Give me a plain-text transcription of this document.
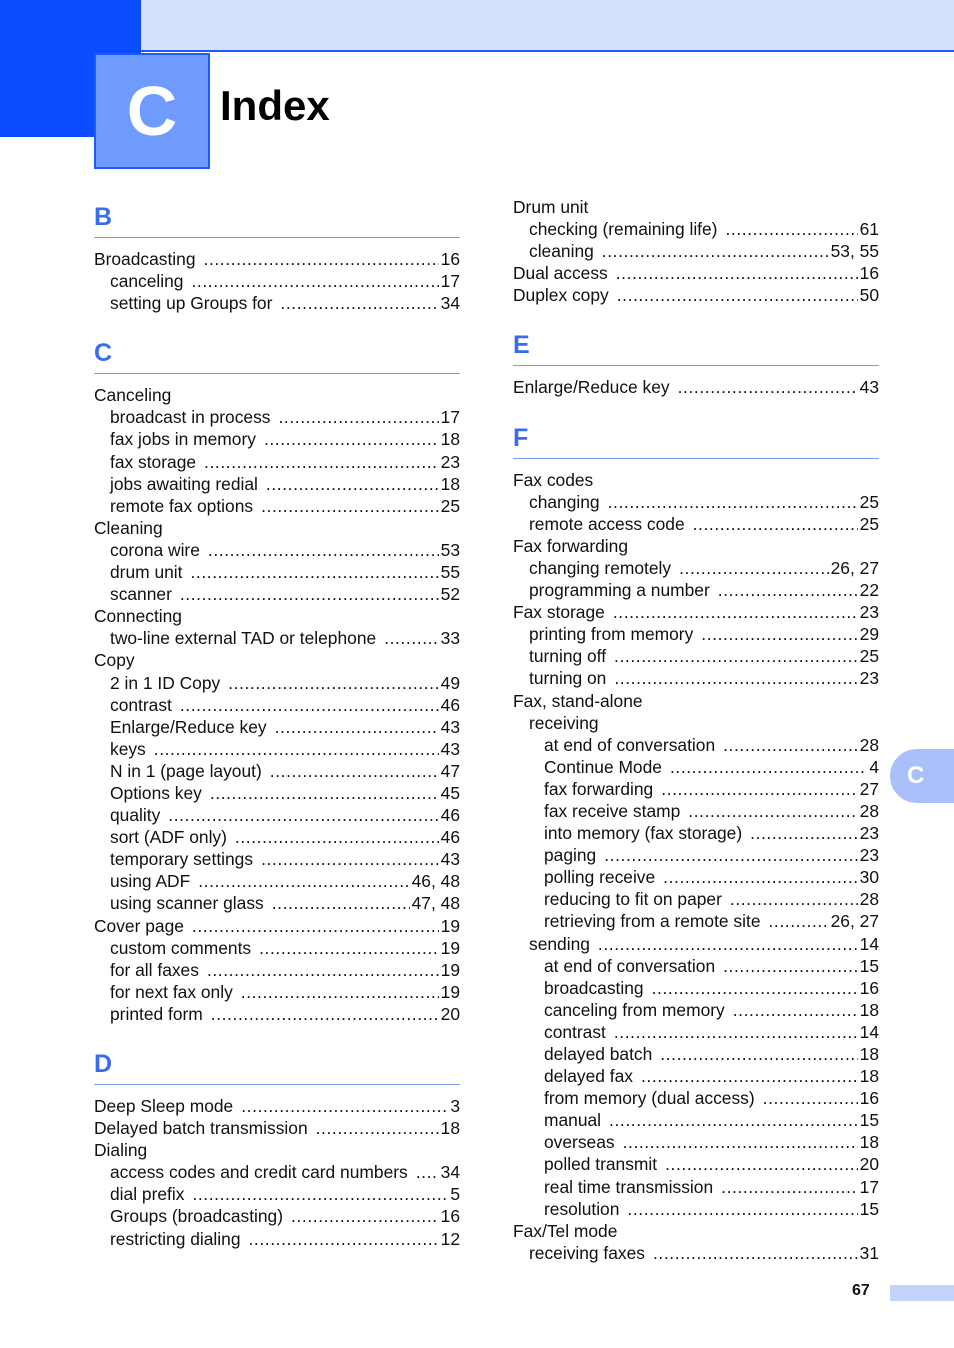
C	Index
B
Broadcasting .....	16
canceling .....	17
setting up Groups for .....	34
C
Canceling
broadcast in process .....	17
fax jobs in memory .....	18
fax storage .....	23
jobs awaiting redial .....	18
remote fax options .....	25
Cleaning
corona wire .....	53
drum unit .....	55
scanner .....	52
Connecting
two-line external TAD or telephone .....	33
Copy
2 in 1 ID Copy .....	49
contrast .....	46
Enlarge/Reduce key .....	43
keys .....	43
N in 1 (page layout) .....	47
Options key .....	45
quality .....	46
sort (ADF only) .....	46
temporary settings .....	43
using ADF .....	46, 48
using scanner glass .....	47, 48
Cover page .....	19
custom comments .....	19
for all faxes .....	19
for next fax only .....	19
printed form .....	20
D
Deep Sleep mode .....	3
Delayed batch transmission .....	18
Dialing
access codes and credit card numbers ..... 34
dial prefix .....	5
Groups (broadcasting) .....	16
restricting dialing .....	12
Drum unit
checking (remaining life) .....	61
cleaning .....	53, 55
Dual access .....	16
Duplex copy .....	50
E
Enlarge/Reduce key .....	43
F
Fax codes
changing .....	25
remote access code .....	25
Fax forwarding
changing remotely .....	26, 27
programming a number .....	22
Fax storage .....	23
printing from memory .....	29
turning off .....	25
turning on .....	23
Fax, stand-alone
receiving
at end of conversation .....	28
Continue Mode .....	4
fax forwarding .....	27
fax receive stamp .....	28
into memory (fax storage) .....	23
paging .....	23
polling receive .....	30
reducing to fit on paper .....	28
retrieving from a remote site .....	26, 27
sending .....	14
at end of conversation .....	15
broadcasting .....	16
canceling from memory .....	18
contrast .....	14
delayed batch .....	18
delayed fax .....	18
from memory (dual access) .....	16
manual .....	15
overseas .....	18
polled transmit .....	20
real time transmission .....	17
resolution .....	15
Fax/Tel mode
receiving faxes .....	31
C
67
